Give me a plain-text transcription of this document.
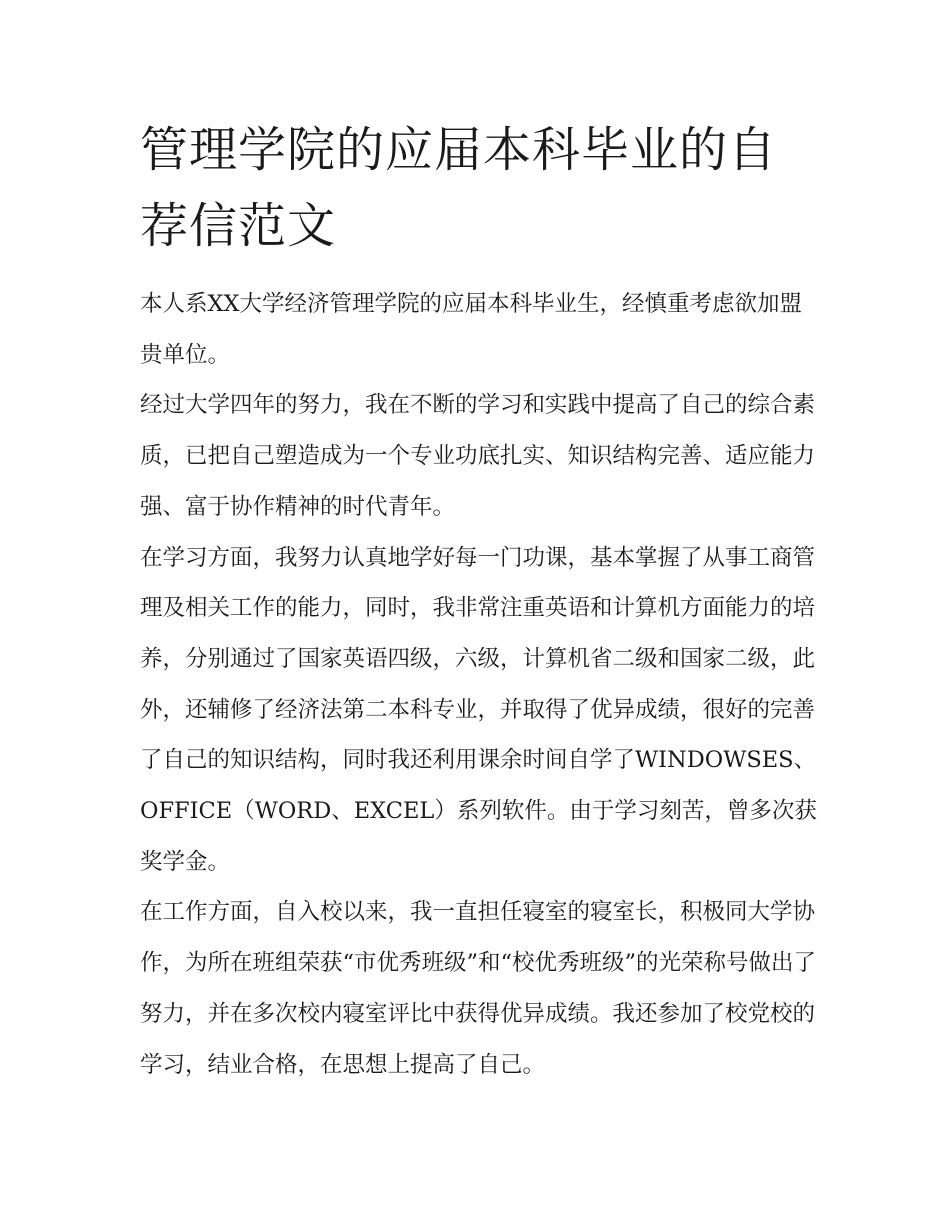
管理学院的应届本科毕业的自荐信范文

本人系XX大学经济管理学院的应届本科毕业生，经慎重考虑欲加盟贵单位。

经过大学四年的努力，我在不断的学习和实践中提高了自己的综合素质，已把自己塑造成为一个专业功底扎实、知识结构完善、适应能力强、富于协作精神的时代青年。

在学习方面，我努力认真地学好每一门功课，基本掌握了从事工商管理及相关工作的能力，同时，我非常注重英语和计算机方面能力的培养，分别通过了国家英语四级，六级，计算机省二级和国家二级，此外，还辅修了经济法第二本科专业，并取得了优异成绩，很好的完善了自己的知识结构，同时我还利用课余时间自学了WINDOWSES、OFFICE（WORD、EXCEL）系列软件。由于学习刻苦，曾多次获奖学金。

在工作方面，自入校以来，我一直担任寝室的寝室长，积极同大学协作，为所在班组荣获“市优秀班级”和“校优秀班级”的光荣称号做出了努力，并在多次校内寝室评比中获得优异成绩。我还参加了校党校的学习，结业合格，在思想上提高了自己。
